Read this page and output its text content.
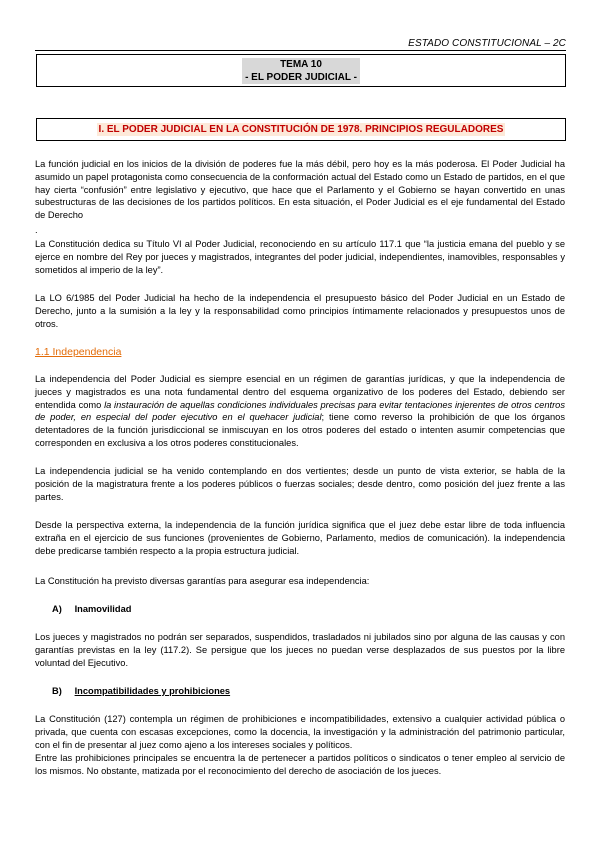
ESTADO CONSTITUCIONAL – 2C
TEMA 10
- EL PODER JUDICIAL -
I. EL PODER JUDICIAL EN LA CONSTITUCIÓN DE 1978. PRINCIPIOS REGULADORES
La función judicial en los inicios de la división de poderes fue la más débil, pero hoy es la más poderosa. El Poder Judicial ha asumido un papel protagonista como consecuencia de la conformación actual del Estado como un Estado de partidos, en el que hay cierta “confusión” entre legislativo y ejecutivo, que hace que el Parlamento y el Gobierno se hayan convertido en unas subestructuras de las decisiones de los partidos políticos. En esta situación, el Poder Judicial es el eje fundamental del Estado de Derecho
.
La Constitución dedica su Título VI al Poder Judicial, reconociendo en su artículo 117.1 que “la justicia emana del pueblo y se ejerce en nombre del Rey por jueces y magistrados, integrantes del poder judicial, independientes, inamovibles, responsables y sometidos al imperio de la ley”.
La LO 6/1985 del Poder Judicial ha hecho de la independencia el presupuesto básico del Poder Judicial en un Estado de Derecho, junto a la sumisión a la ley y la responsabilidad como principios íntimamente relacionados y presupuestos unos de otros.
1.1 Independencia
La independencia del Poder Judicial es siempre esencial en un régimen de garantías jurídicas, y que la independencia de jueces y magistrados es una nota fundamental dentro del esquema organizativo de los poderes del Estado, debiendo ser entendida como la instauración de aquellas condiciones individuales precisas para evitar tentaciones injerentes de otros centros de poder, en especial del poder ejecutivo en el quehacer judicial; tiene como reverso la prohibición de que los órganos detentadores de la función jurisdiccional se inmiscuyan en los otros poderes del estado o intenten asumir competencias que corresponden en exclusiva a los otros poderes constitucionales.
La independencia judicial se ha venido contemplando en dos vertientes; desde un punto de vista exterior, se habla de la posición de la magistratura frente a los poderes públicos o fuerzas sociales; desde dentro, como posición del juez frente a las partes.
Desde la perspectiva externa, la independencia de la función jurídica significa que el juez debe estar libre de toda influencia extraña en el ejercicio de sus funciones (provenientes de Gobierno, Parlamento, medios de comunicación). la independencia debe predicarse también respecto a la propia estructura judicial.
La Constitución ha previsto diversas garantías para asegurar esa independencia:
A) Inamovilidad
Los jueces y magistrados no podrán ser separados, suspendidos, trasladados ni jubilados sino por alguna de las causas y con garantías previstas en la ley (117.2). Se persigue que los jueces no puedan verse desplazados de sus puestos por la libre voluntad del Ejecutivo.
B) Incompatibilidades y prohibiciones
La Constitución (127) contempla un régimen de prohibiciones e incompatibilidades, extensivo a cualquier actividad pública o privada, que cuenta con escasas excepciones, como la docencia, la investigación y la administración del patrimonio particular, con el fin de presentar al juez como ajeno a los intereses sociales y políticos.
Entre las prohibiciones principales se encuentra la de pertenecer a partidos políticos o sindicatos o tener empleo al servicio de los mismos. No obstante, matizada por el reconocimiento del derecho de asociación de los jueces.
